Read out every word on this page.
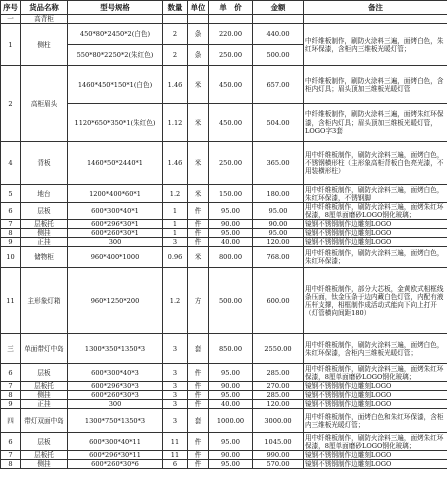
序号	货品名称	型号规格	数量	单位	单　价	金额	备注
一	高背柜						
1	侧柱	450*80*2450*2(白色)	2	条	220.00	440.00	中纤维板制作，刷防火涂料三遍，面烤白色，朱红环保漆，含柜内三维板光暖灯管；
		550*80*2250*2(朱红色)	2	条	250.00	500.00	
2	高柜眉头	1460*450*150*1(白色)	1.46	米	450.00	657.00	中纤维板制作，刷防火涂料三遍，面烤白色，含柜内灯具；眉头顶加三维板光暖灯管
		1120*650*350*1(朱红色)	1.12	米	450.00	504.00	中纤维板制作，刷防火涂料三遍，面烤朱红环保漆，含柜内灯具；眉头顶加三维板光暖灯管，LOGO字3套
4	背板	1460*50*2440*1	1.46	米	250.00	365.00	用中纤维板制作，刷防火涂料三遍，面烤白色，不锈钢横形柱（主形象高柜背板白色亮光漆，不用装横形柱）
5	地台	1200*400*60*1	1.2	米	150.00	180.00	用中纤维板制作，刷防火涂料三遍，面烤白色，朱红环保漆，不锈钢脚
6	层板	600*300*40*1	1	件	95.00	95.00	用中纤维板制作，刷防火涂料三遍，面烤朱红环保漆，8厘单面磨砂LOGO钢化玻璃；
7	层板托	600*296*30*1	1	件	90.00	90.00	镜钢不锈钢制作边雕刻LOGO
8	侧挂	600*260*30*1	1	件	95.00	95.00	镜钢不锈钢制作边雕刻LOGO
9	正挂	300	3	件	40.00	120.00	镜钢不锈钢制作边雕刻LOGO
10	储物柜	960*400*1000	0.96	米	800.00	768.00	用中纤维板制作，刷防火涂料三遍，面烤白色，朱红环保漆；
11	主形象灯箱	960*1250*200	1.2	方	500.00	600.00	用中纤维板制作，部分大芯板，金黄欧式相框线条压面，钛金压条于边内藏白色灯管，内配有液压杆支撑，相框制作成活动式能向下向上打开（灯管横向间距180）
三	单面带灯中岛	1300*350*1350*3	3	套	850.00	2550.00	用中纤维板制作，刷防火涂料三遍，面烤白色，朱红环保漆，含柜内三维板光暖灯管；
6	层板	600*300*40*3	3	件	95.00	285.00	用中纤维板制作，刷防火涂料三遍，面烤朱红环保漆，8厘单面磨砂LOGO钢化玻璃；
7	层板托	600*296*30*3	3	件	90.00	270.00	镜钢不锈钢制作边雕刻LOGO
8	侧挂	600*260*30*3	3	件	95.00	285.00	镜钢不锈钢制作边雕刻LOGO
9	正挂	300	3	件	40.00	120.00	镜钢不锈钢制作边雕刻LOGO
四	带灯双面中岛	1300*750*1350*3	3	套	1000.00	3000.00	用中纤维板制作，面烤白色和朱红环保漆，含柜内三维板光暖灯管；
6	层板	600*300*40*11	11	件	95.00	1045.00	用中纤维板制作，刷防火涂料三遍，面烤朱红环保漆，8厘单面磨砂LOGO钢化玻璃；
7	层板托	600*296*30*11	11	件	90.00	990.00	镜钢不锈钢制作边雕刻LOGO
8	侧挂	600*260*30*6	6	件	95.00	570.00	镜钢不锈钢制作边雕刻LOGO
